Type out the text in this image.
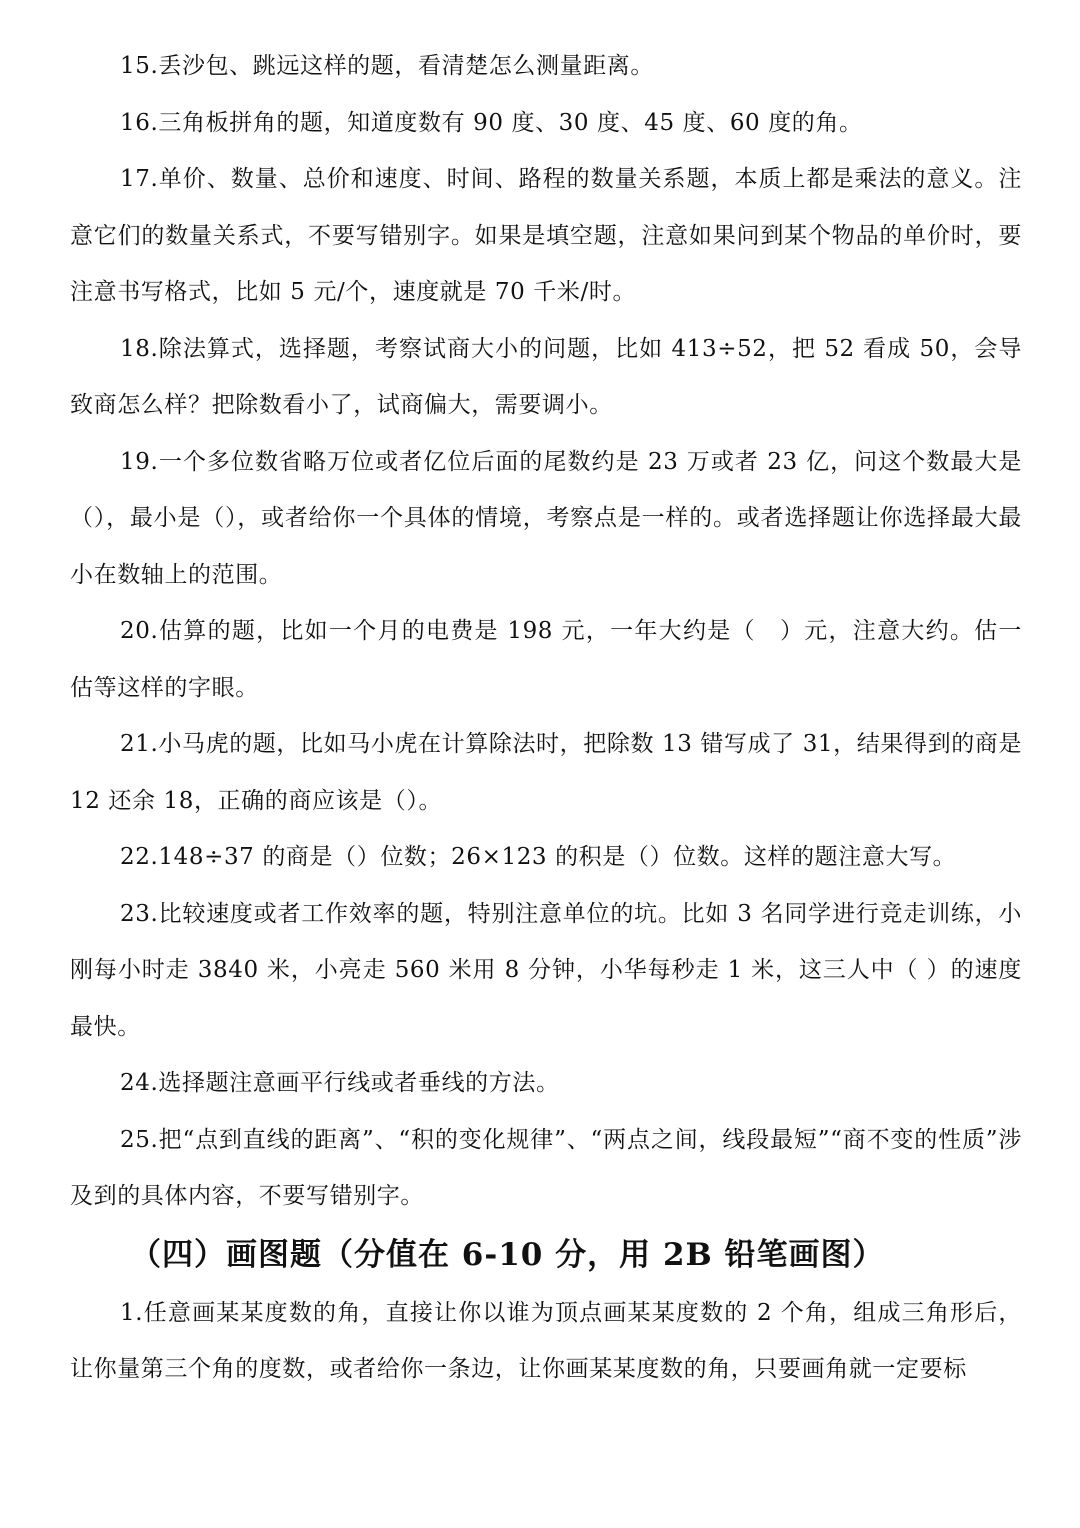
15.丢沙包、跳远这样的题，看清楚怎么测量距离。

16.三角板拼角的题，知道度数有 90 度、30 度、45 度、60 度的角。

17.单价、数量、总价和速度、时间、路程的数量关系题，本质上都是乘法的意义。注意它们的数量关系式，不要写错别字。如果是填空题，注意如果问到某个物品的单价时，要注意书写格式，比如 5 元/个，速度就是 70 千米/时。

18.除法算式，选择题，考察试商大小的问题，比如 413÷52，把 52 看成 50，会导致商怎么样？把除数看小了，试商偏大，需要调小。

19.一个多位数省略万位或者亿位后面的尾数约是 23 万或者 23 亿，问这个数最大是（），最小是（），或者给你一个具体的情境，考察点是一样的。或者选择题让你选择最大最小在数轴上的范围。

20.估算的题，比如一个月的电费是 198 元，一年大约是（　）元，注意大约。估一估等这样的字眼。

21.小马虎的题，比如马小虎在计算除法时，把除数 13 错写成了 31，结果得到的商是 12 还余 18，正确的商应该是（）。

22.148÷37 的商是（）位数；26×123 的积是（）位数。这样的题注意大写。

23.比较速度或者工作效率的题，特别注意单位的坑。比如 3 名同学进行竞走训练，小刚每小时走 3840 米，小亮走 560 米用 8 分钟，小华每秒走 1 米，这三人中（ ）的速度最快。

24.选择题注意画平行线或者垂线的方法。

25.把“点到直线的距离”、“积的变化规律”、“两点之间，线段最短”“商不变的性质”涉及到的具体内容，不要写错别字。

（四）画图题（分值在 6-10 分，用 2B 铅笔画图）

1.任意画某某度数的角，直接让你以谁为顶点画某某度数的 2 个角，组成三角形后，让你量第三个角的度数，或者给你一条边，让你画某某度数的角，只要画角就一定要标
